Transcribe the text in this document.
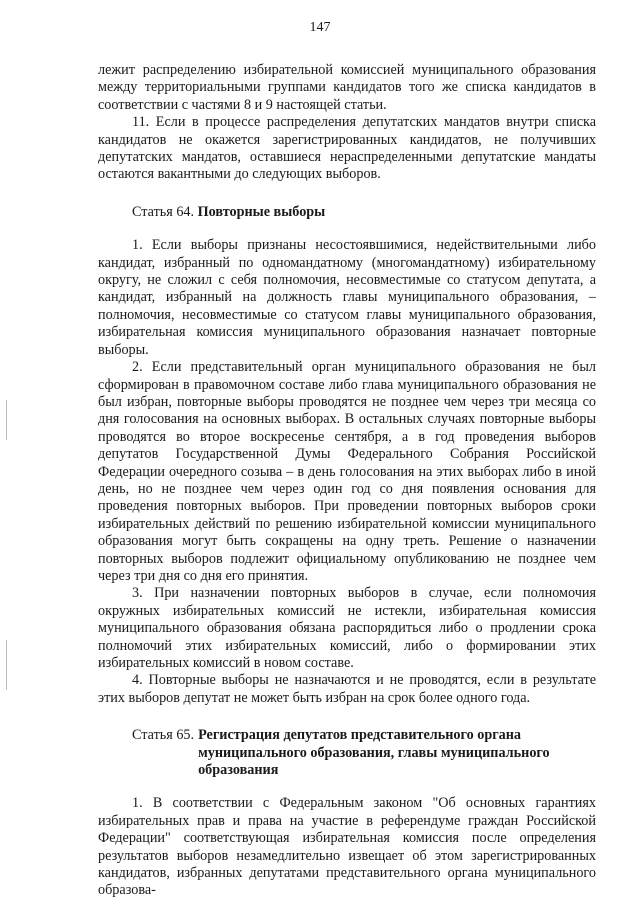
147

лежит распределению избирательной комиссией муниципального образования между территориальными группами кандидатов того же списка кандидатов в соответствии с частями 8 и 9 настоящей статьи.

11. Если в процессе распределения депутатских мандатов внутри списка кандидатов не окажется зарегистрированных кандидатов, не получивших депутатских мандатов, оставшиеся нераспределенными депутатские мандаты остаются вакантными до следующих выборов.

Статья 64. Повторные выборы

1. Если выборы признаны несостоявшимися, недействительными либо кандидат, избранный по одномандатному (многомандатному) избирательному округу, не сложил с себя полномочия, несовместимые со статусом депутата, а кандидат, избранный на должность главы муниципального образования, – полномочия, несовместимые со статусом главы муниципального образования, избирательная комиссия муниципального образования назначает повторные выборы.

2. Если представительный орган муниципального образования не был сформирован в правомочном составе либо глава муниципального образования не был избран, повторные выборы проводятся не позднее чем через три месяца со дня голосования на основных выборах. В остальных случаях повторные выборы проводятся во второе воскресенье сентября, а в год проведения выборов депутатов Государственной Думы Федерального Собрания Российской Федерации очередного созыва – в день голосования на этих выборах либо в иной день, но не позднее чем через один год со дня появления основания для проведения повторных выборов. При проведении повторных выборов сроки избирательных действий по решению избирательной комиссии муниципального образования могут быть сокращены на одну треть. Решение о назначении повторных выборов подлежит официальному опубликованию не позднее чем через три дня со дня его принятия.

3. При назначении повторных выборов в случае, если полномочия окружных избирательных комиссий не истекли, избирательная комиссия муниципального образования обязана распорядиться либо о продлении срока полномочий этих избирательных комиссий, либо о формировании этих избирательных комиссий в новом составе.

4. Повторные выборы не назначаются и не проводятся, если в результате этих выборов депутат не может быть избран на срок более одного года.

Статья 65. Регистрация депутатов представительного органа муниципального образования, главы муниципального образования

1. В соответствии с Федеральным законом "Об основных гарантиях избирательных прав и права на участие в референдуме граждан Российской Федерации" соответствующая избирательная комиссия после определения результатов выборов незамедлительно извещает об этом зарегистрированных кандидатов, избранных депутатами представительного органа муниципального образова-
